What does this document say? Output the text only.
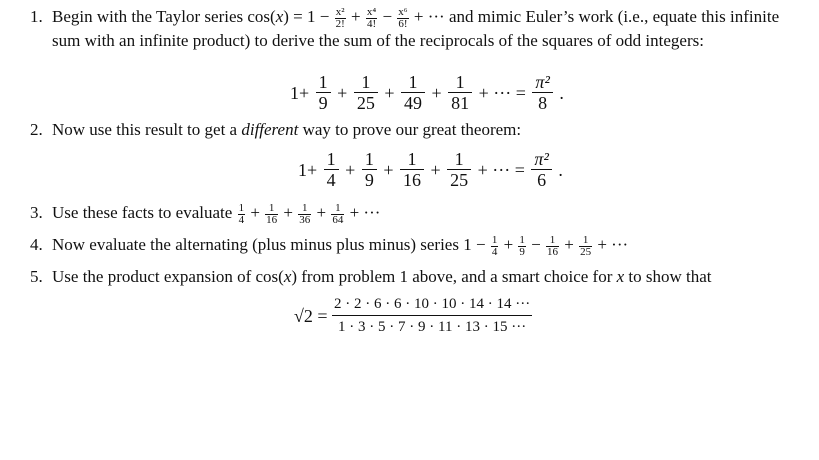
1. Begin with the Taylor series $\cos(x) = 1 - \frac{\text{x²}}{2!} + \frac{\text{x⁴}}{4!} - \frac{\text{x⁶}}{6!}$ + ··· and mimic Euler’s work (i.e., equate this infinite sum with an infinite product) to derive the sum of the reciprocals of the squares of odd integers:
$1+ \frac{1}{9} + \frac{1}{25} + \frac{1}{49} + \frac{1}{81}$ + ··· = $\frac{\text{π²}}{8}$ .
2. Now use this result to get a different way to prove our great theorem:
$1+ \frac{1}{4} + \frac{1}{9} + \frac{1}{16} + \frac{1}{25}$ + ··· = $\frac{\text{π²}}{6}$ .
3. Use these facts to evaluate $\frac{1}{4} + \frac{1}{16} + \frac{1}{36} + \frac{1}{64}$ + ···
4. Now evaluate the alternating (plus minus plus minus) series $1 - \frac{1}{4} + \frac{1}{9} - \frac{1}{16} + \frac{1}{25}$ + ···
5. Use the product expansion of cos(x) from problem 1 above, and a smart choice for x to show that
$√2 = \frac{2 \cdot 2 \cdot 6 \cdot 6 \cdot 10 \cdot 10 \cdot 14 \cdot 14 \cdot\cdot\cdot}{1 \cdot 3 \cdot 5 \cdot 7 \cdot 9 \cdot 11 \cdot 13 \cdot 15 \cdot\cdot\cdot}$
